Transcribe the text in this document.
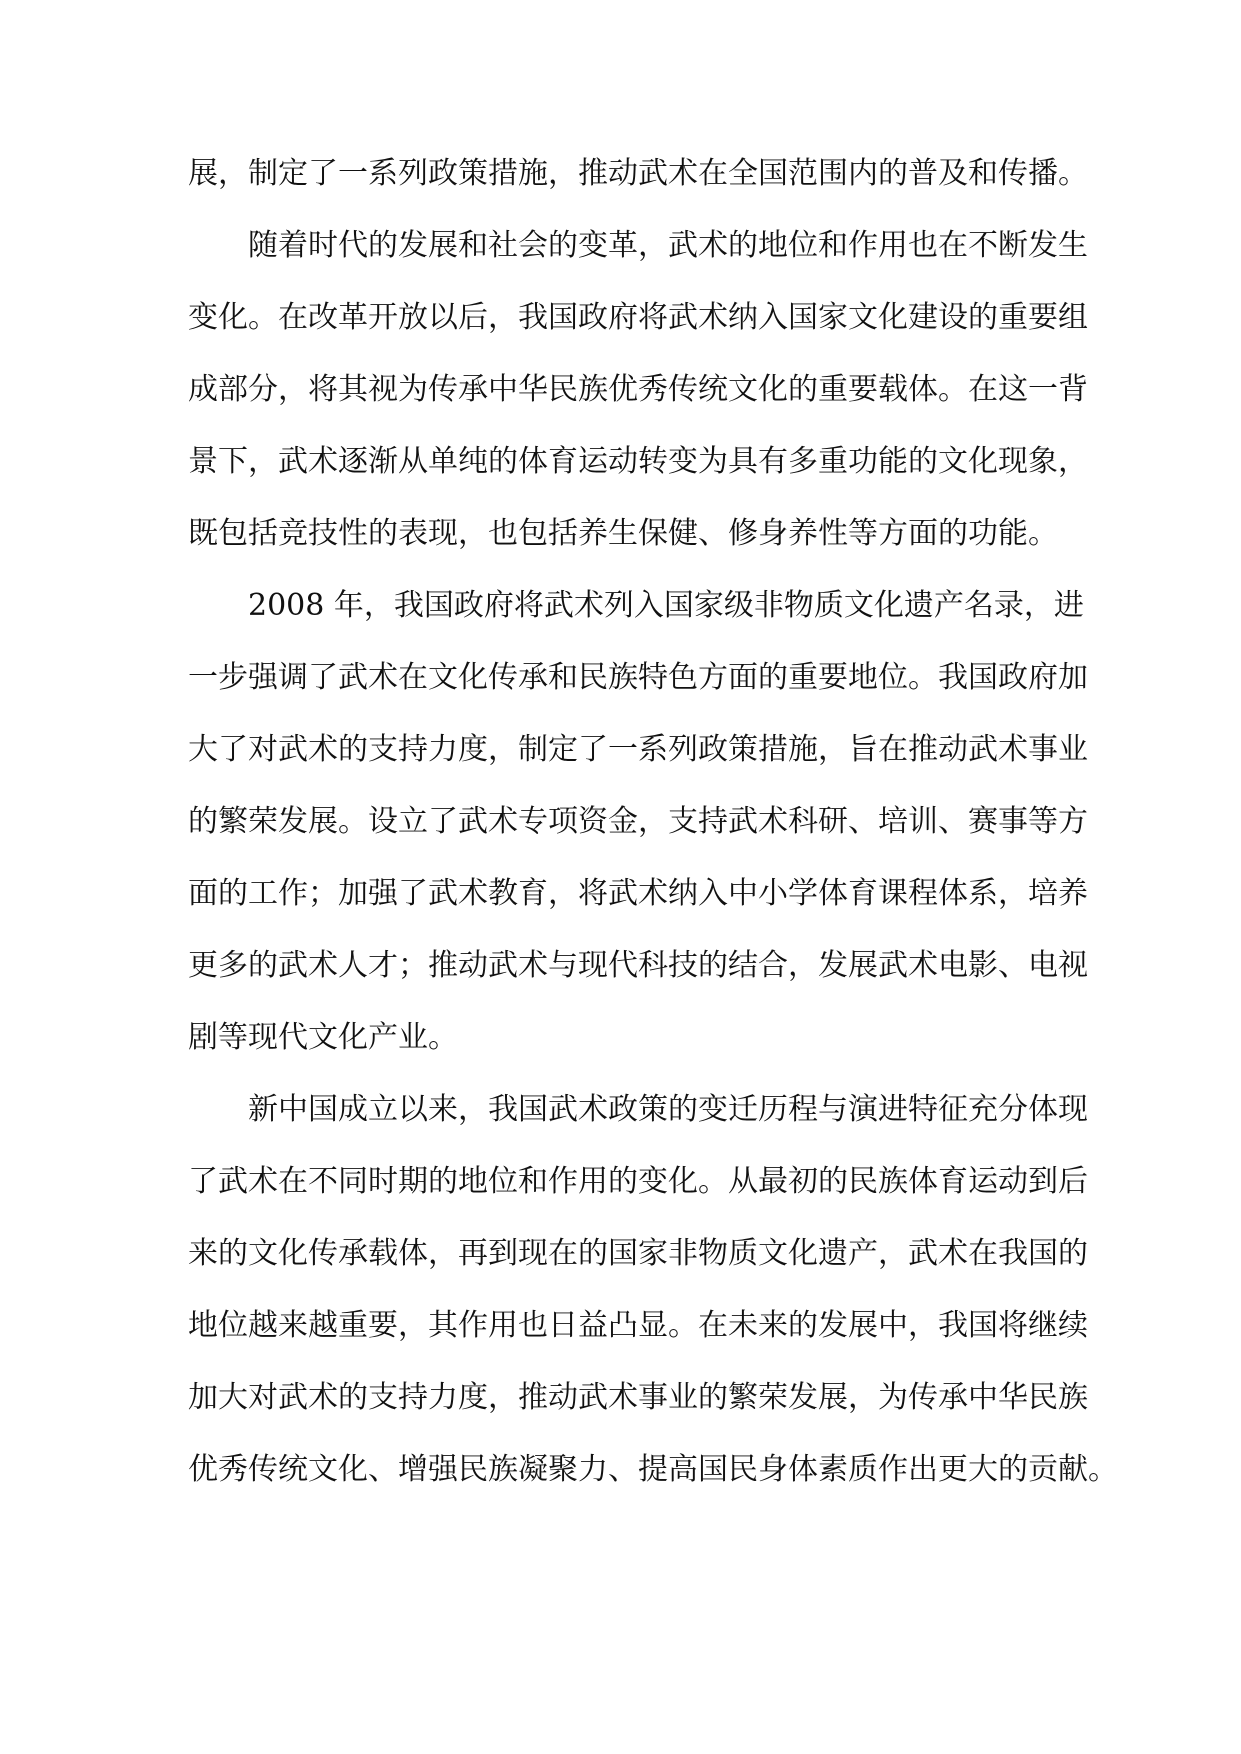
展，制定了一系列政策措施，推动武术在全国范围内的普及和传播。
随着时代的发展和社会的变革，武术的地位和作用也在不断发生
变化。在改革开放以后，我国政府将武术纳入国家文化建设的重要组
成部分，将其视为传承中华民族优秀传统文化的重要载体。在这一背
景下，武术逐渐从单纯的体育运动转变为具有多重功能的文化现象，
既包括竞技性的表现，也包括养生保健、修身养性等方面的功能。
2008 年，我国政府将武术列入国家级非物质文化遗产名录，进
一步强调了武术在文化传承和民族特色方面的重要地位。我国政府加
大了对武术的支持力度，制定了一系列政策措施，旨在推动武术事业
的繁荣发展。设立了武术专项资金，支持武术科研、培训、赛事等方
面的工作；加强了武术教育，将武术纳入中小学体育课程体系，培养
更多的武术人才；推动武术与现代科技的结合，发展武术电影、电视
剧等现代文化产业。
新中国成立以来，我国武术政策的变迁历程与演进特征充分体现
了武术在不同时期的地位和作用的变化。从最初的民族体育运动到后
来的文化传承载体，再到现在的国家非物质文化遗产，武术在我国的
地位越来越重要，其作用也日益凸显。在未来的发展中，我国将继续
加大对武术的支持力度，推动武术事业的繁荣发展，为传承中华民族
优秀传统文化、增强民族凝聚力、提高国民身体素质作出更大的贡献。
